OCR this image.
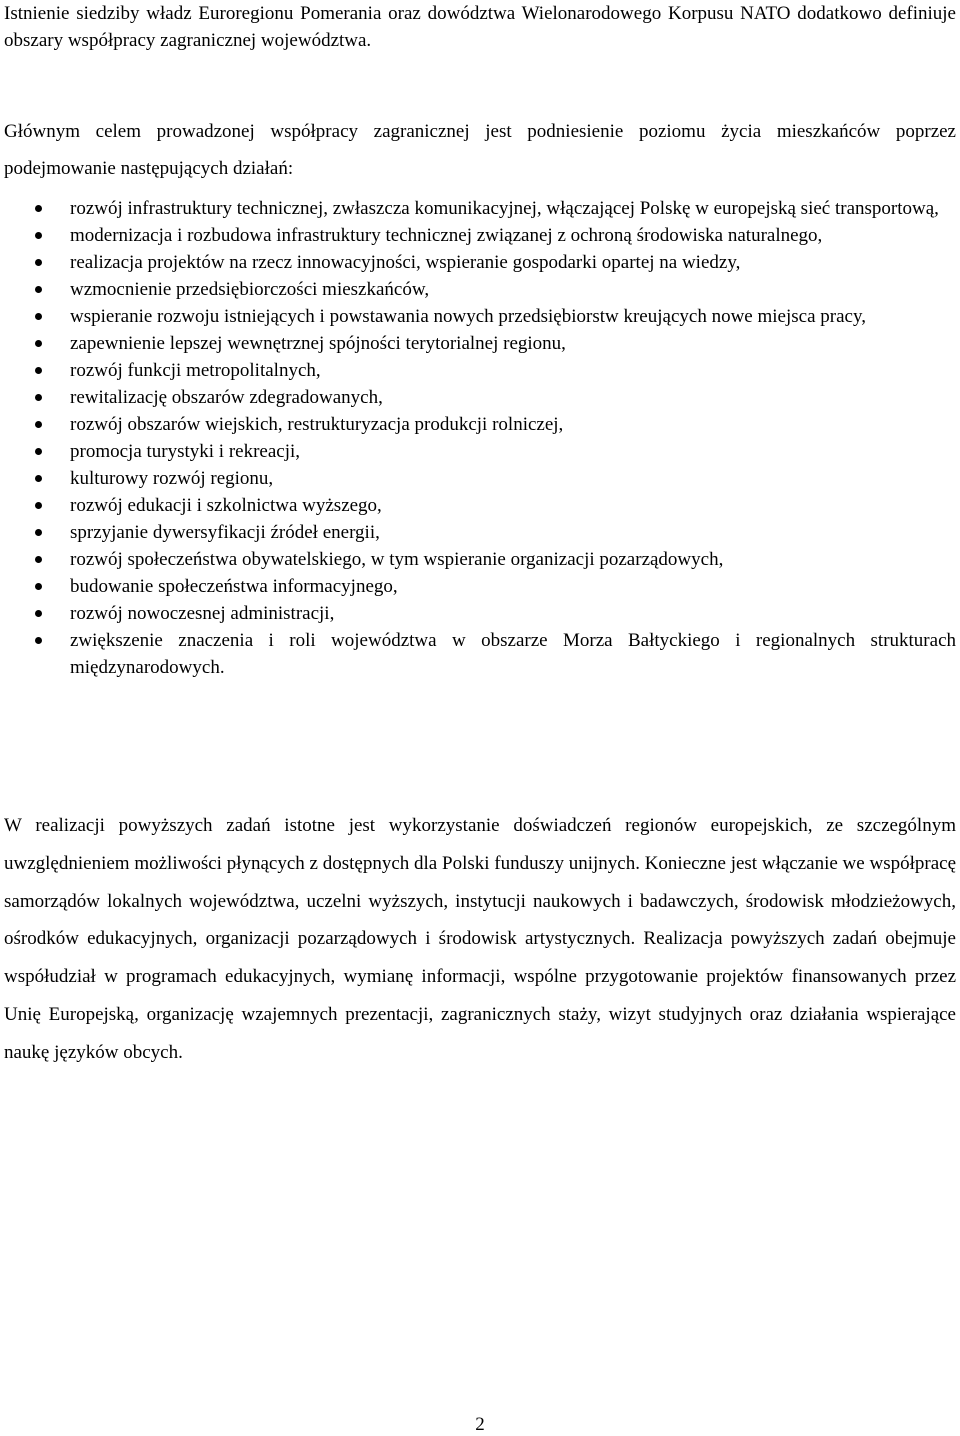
Istnienie siedziby władz Euroregionu Pomerania oraz dowództwa Wielonarodowego Korpusu NATO dodatkowo definiuje obszary współpracy zagranicznej województwa.

Głównym celem prowadzonej współpracy zagranicznej jest podniesienie poziomu życia mieszkańców poprzez podejmowanie następujących działań:

rozwój infrastruktury technicznej, zwłaszcza komunikacyjnej, włączającej Polskę w europejską sieć transportową,
modernizacja i rozbudowa infrastruktury technicznej związanej z ochroną środowiska naturalnego,
realizacja projektów na rzecz innowacyjności, wspieranie gospodarki opartej na wiedzy,
wzmocnienie przedsiębiorczości mieszkańców,
wspieranie rozwoju istniejących i powstawania nowych przedsiębiorstw kreujących nowe miejsca pracy,
zapewnienie lepszej wewnętrznej spójności terytorialnej regionu,
rozwój funkcji metropolitalnych,
rewitalizację obszarów zdegradowanych,
rozwój obszarów wiejskich, restrukturyzacja produkcji rolniczej,
promocja turystyki i rekreacji,
kulturowy rozwój regionu,
rozwój edukacji i szkolnictwa wyższego,
sprzyjanie dywersyfikacji źródeł energii,
rozwój społeczeństwa obywatelskiego, w tym wspieranie organizacji pozarządowych,
budowanie społeczeństwa informacyjnego,
rozwój nowoczesnej administracji,
zwiększenie znaczenia i roli województwa w obszarze Morza Bałtyckiego i regionalnych strukturach międzynarodowych.

W realizacji powyższych zadań istotne jest wykorzystanie doświadczeń regionów europejskich, ze szczególnym uwzględnieniem możliwości płynących z dostępnych dla Polski funduszy unijnych. Konieczne jest włączanie we współpracę samorządów lokalnych województwa, uczelni wyższych, instytucji naukowych i badawczych, środowisk młodzieżowych, ośrodków edukacyjnych, organizacji pozarządowych i środowisk artystycznych. Realizacja powyższych zadań obejmuje współudział w programach edukacyjnych, wymianę informacji, wspólne przygotowanie projektów finansowanych przez Unię Europejską, organizację wzajemnych prezentacji, zagranicznych staży, wizyt studyjnych oraz działania wspierające naukę języków obcych.

2
